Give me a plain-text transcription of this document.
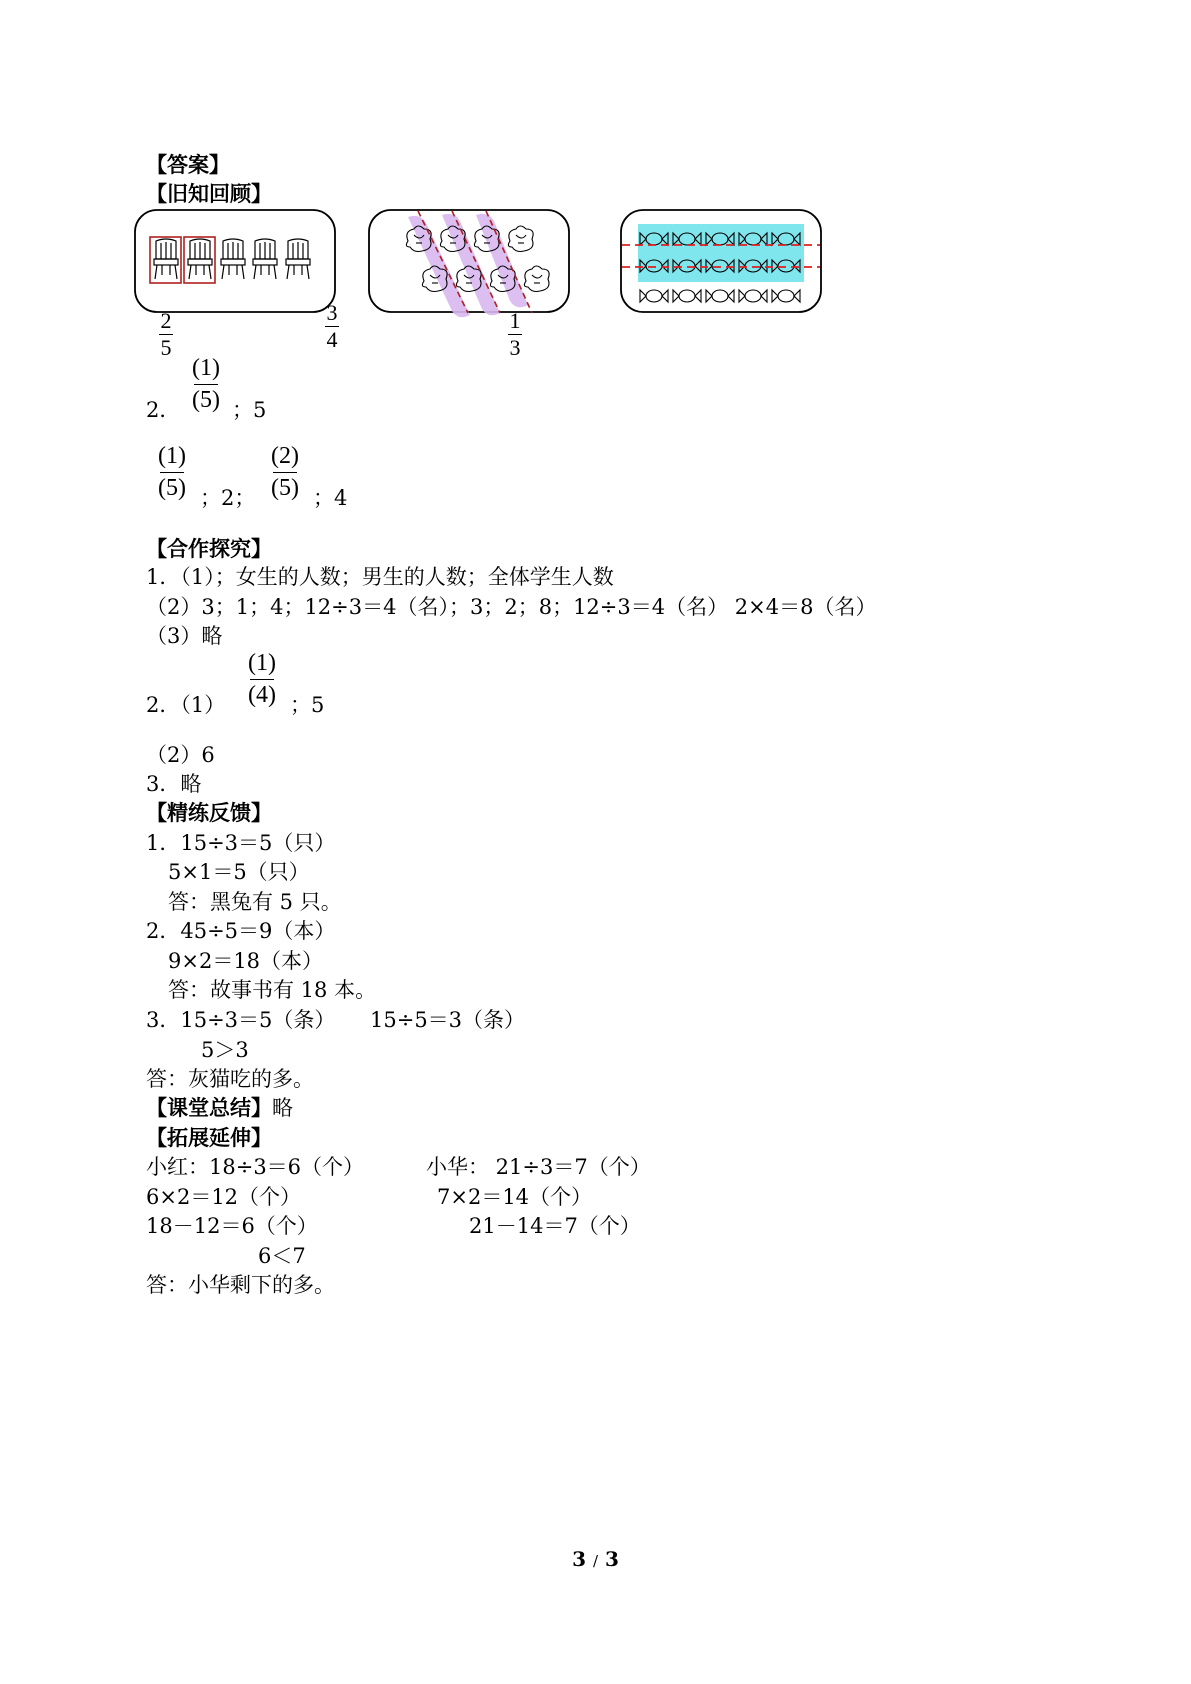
【答案】
【旧知回顾】
2
5
3
4
1
3
2．
(1)
(5) ；5
(1)
(5) ；2；
(2)
(5) ；4
【合作探究】
1．（1）；女生的人数；男生的人数；全体学生人数
（2）3；1；4；12÷3＝4（名）；3；2；8；12÷3＝4（名） 2×4＝8（名）
（3）略
2．（1）
(1)
(4) ；5
（2）6
3．略
【精练反馈】
1．15÷3＝5（只）
5×1＝5（只）
答：黑兔有 5 只。
2．45÷5＝9（本）
9×2＝18（本）
答：故事书有 18 本。
3．15÷3＝5（条） 15÷5＝3（条）
5＞3
答：灰猫吃的多。
【课堂总结】略
【拓展延伸】
小红：18÷3＝6（个）	小华： 21÷3＝7（个）
6×2＝12（个）	7×2＝14（个）
18－12＝6（个）	21－14＝7（个）
6＜7
答：小华剩下的多。
3 / 3
